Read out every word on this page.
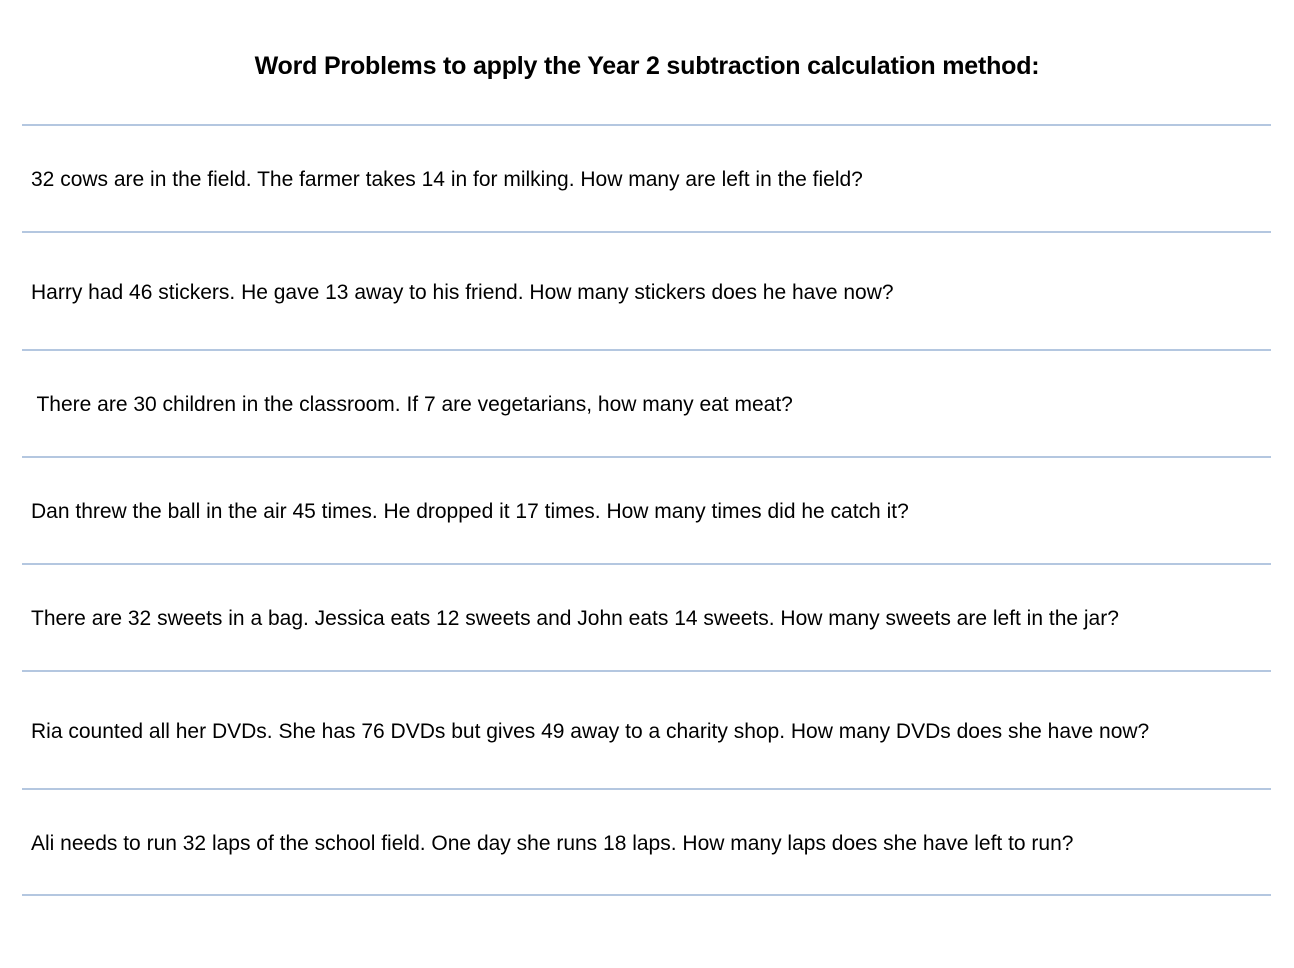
Word Problems to apply the Year 2 subtraction calculation method:
32 cows are in the field. The farmer takes 14 in for milking. How many are left in the field?
Harry had 46 stickers. He gave 13 away to his friend. How many stickers does he have now?
There are 30 children in the classroom. If 7 are vegetarians, how many eat meat?
Dan threw the ball in the air 45 times. He dropped it 17 times. How many times did he catch it?
There are 32 sweets in a bag. Jessica eats 12 sweets and John eats 14 sweets. How many sweets are left in the jar?
Ria counted all her DVDs. She has 76 DVDs but gives 49 away to a charity shop. How many DVDs does she have now?
Ali needs to run 32 laps of the school field. One day she runs 18 laps. How many laps does she have left to run?
